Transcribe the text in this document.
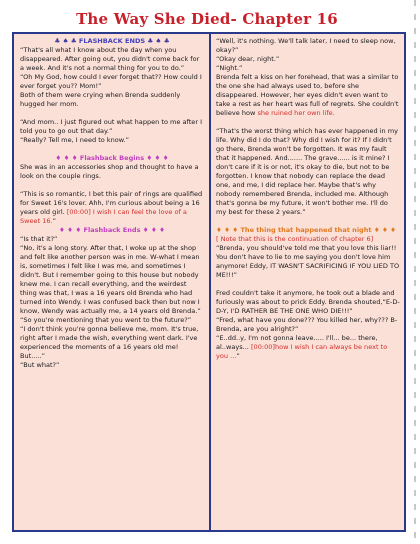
The Way She Died- Chapter 16

♣ ♠ ♣ FLASHBACK ENDS ♣ ♠ ♣

“That's all what I know about the day when you disappeared. After going out, you didn't come back for a week. And it's not a normal thing for you to do.”

“Oh My God, how could I ever forget that?? How could I ever forget you?? Mom!”

Both of them were crying when Brenda suddenly hugged her mom.

“And mom.. I just figured out what happen to me after I told you to go out that day.”

“Really? Tell me, I need to know.”

♦ ♦ ♦ Flashback Begins ♦ ♦ ♦

She was in an accessories shop and thought to have a look on the couple rings.

“This is so romantic, I bet this pair of rings are qualified for Sweet 16's lover. Ahh, I'm curious about being a 16 years old girl. [00:00] I wish I can feel the love of a Sweet 16.”

♦ ♦ ♦ Flashback Ends ♦ ♦ ♦

“Is that it?”

“No, it's a long story. After that, I woke up at the shop and felt like another person was in me. W-what I mean is, sometimes I felt like I was me, and sometimes I didn't. But I remember going to this house but nobody knew me. I can recall everything, and the weirdest thing was that, I was a 16 years old Brenda who had turned into Wendy. I was confused back then but now I know, Wendy was actually me, a 14 years old Brenda.”

“So you're mentioning that you went to the future?”

“I don't think you're gonna believe me, mom. It's true, right after I made the wish, everything went dark. I've experienced the moments of a 16 years old me! But.....”

“But what?”

“Well, it's nothing. We'll talk later, I need to sleep now, okay?”

“Okay dear, night.”

“Night.”

Brenda felt a kiss on her forehead, that was a similar to the one she had always used to, before she disappeared. However, her eyes didn't even want to take a rest as her heart was full of regrets. She couldn't believe how she ruined her own life.

“That's the worst thing which has ever happened in my life. Why did I do that? Why did I wish for it? If I didn't go there, Brenda won't be forgotten. It was my fault that it happened. And....... The grave...... is it mine? I don't care if it is or not, it's okay to die, but not to be forgotten. I know that nobody can replace the dead one, and me, I did replace her. Maybe that's why nobody remembered Brenda, included me. Although that's gonna be my future, it won't bother me. I'll do my best for these 2 years.”

♦ ♦ ♦ The thing that happened that night ♦ ♦ ♦

[ Note that this is the continuation of chapter 6]

“Brenda, you should've told me that you love this liar!! You don't have to lie to me saying you don't love him anymore! Eddy, IT WASN'T SACRIFICING IF YOU LIED TO ME!!!”

Fred couldn't take it anymore, he took out a blade and furiously was about to prick Eddy. Brenda shouted,“E-D-D-Y, I'D RATHER BE THE ONE WHO DIE!!!”

“Fred, what have you done??? You killed her, why??? B-Brenda, are you alright?”

“E..dd..y, I'm not gonna leave..... I'll... be... there, al..ways... [00:00]how I wish I can always be next to you ...”
